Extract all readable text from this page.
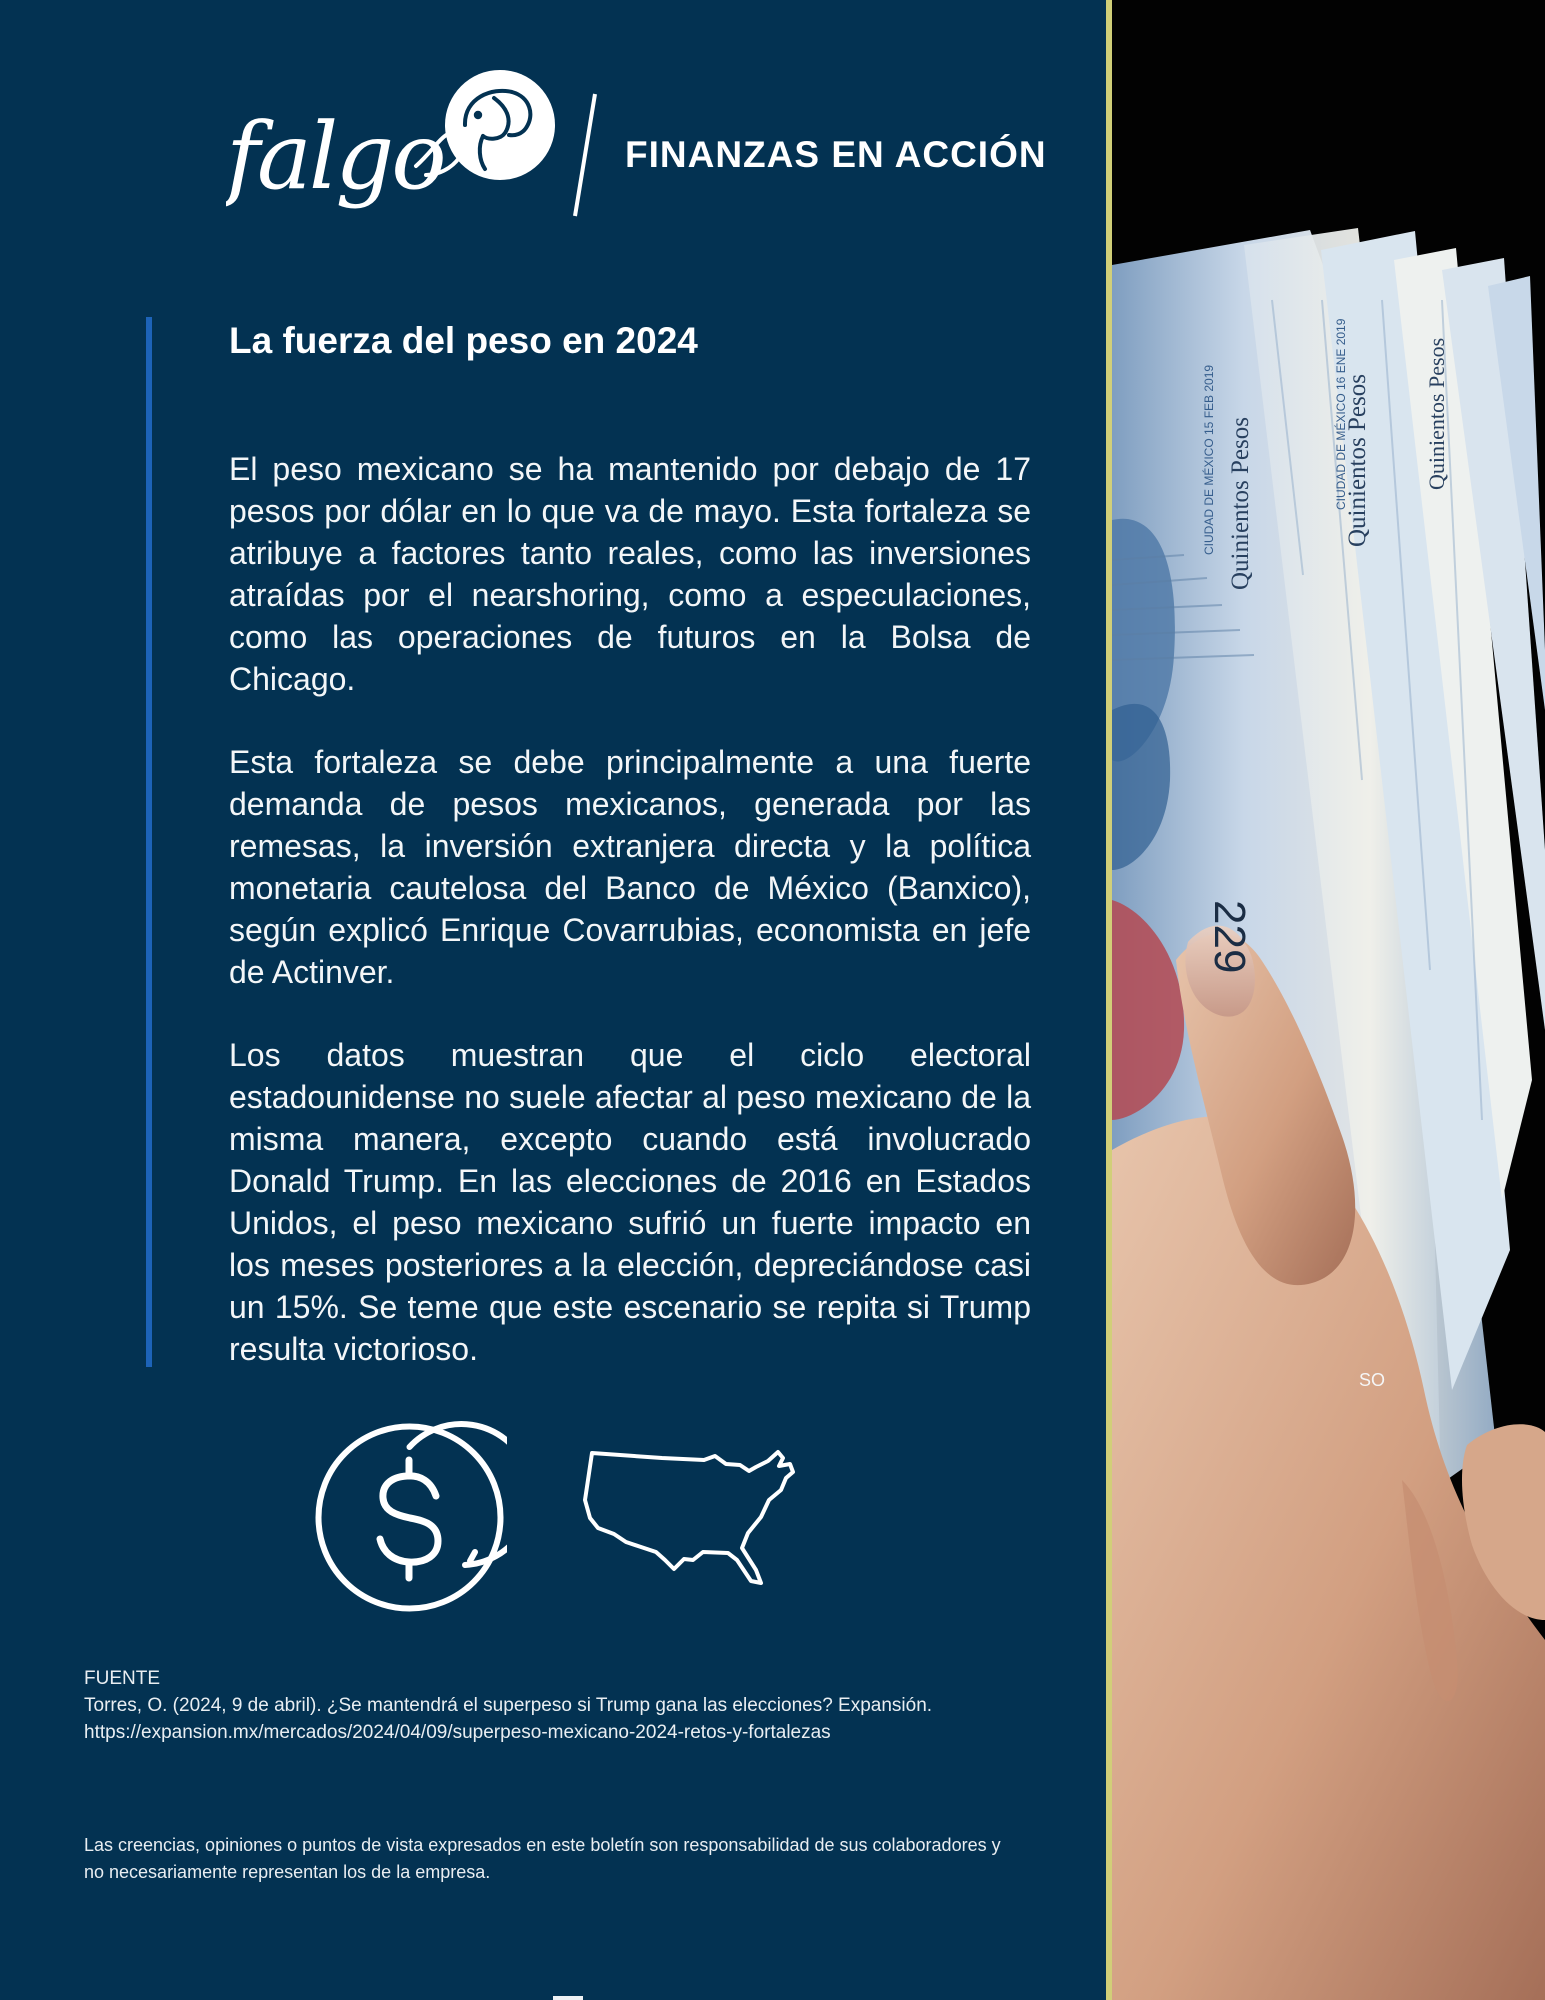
falgo	FINANZAS EN ACCIÓN
La fuerza del peso en 2024

El peso mexicano se ha mantenido por debajo de 17 pesos por dólar en lo que va de mayo. Esta fortaleza se atribuye a factores tanto reales, como las inversiones atraídas por el nearshoring, como a especulaciones, como las operaciones de futuros en la Bolsa de Chicago.

Esta fortaleza se debe principalmente a una fuerte demanda de pesos mexicanos, generada por las remesas, la inversión extranjera directa y la política monetaria cautelosa del Banco de México (Banxico), según explicó Enrique Covarrubias, economista en jefe de Actinver.

Los datos muestran que el ciclo electoral estadounidense no suele afectar al peso mexicano de la misma manera, excepto cuando está involucrado Donald Trump. En las elecciones de 2016 en Estados Unidos, el peso mexicano sufrió un fuerte impacto en los meses posteriores a la elección, depreciándose casi un 15%. Se teme que este escenario se repita si Trump resulta victorioso.

FUENTE
Torres, O. (2024, 9 de abril). ¿Se mantendrá el superpeso si Trump gana las elecciones? Expansión.
https://expansion.mx/mercados/2024/04/09/superpeso-mexicano-2024-retos-y-fortalezas
Las creencias, opiniones o puntos de vista expresados en este boletín son responsabilidad de sus colaboradores y
no necesariamente representan los de la empresa.
Quinientos Pesos	Quinientos Pesos Quinientos Pesos
CIUDAD DE MÉXICO 15 FEB 2019	CIUDAD DE MÉXICO 16 ENE 2019
229
SO
